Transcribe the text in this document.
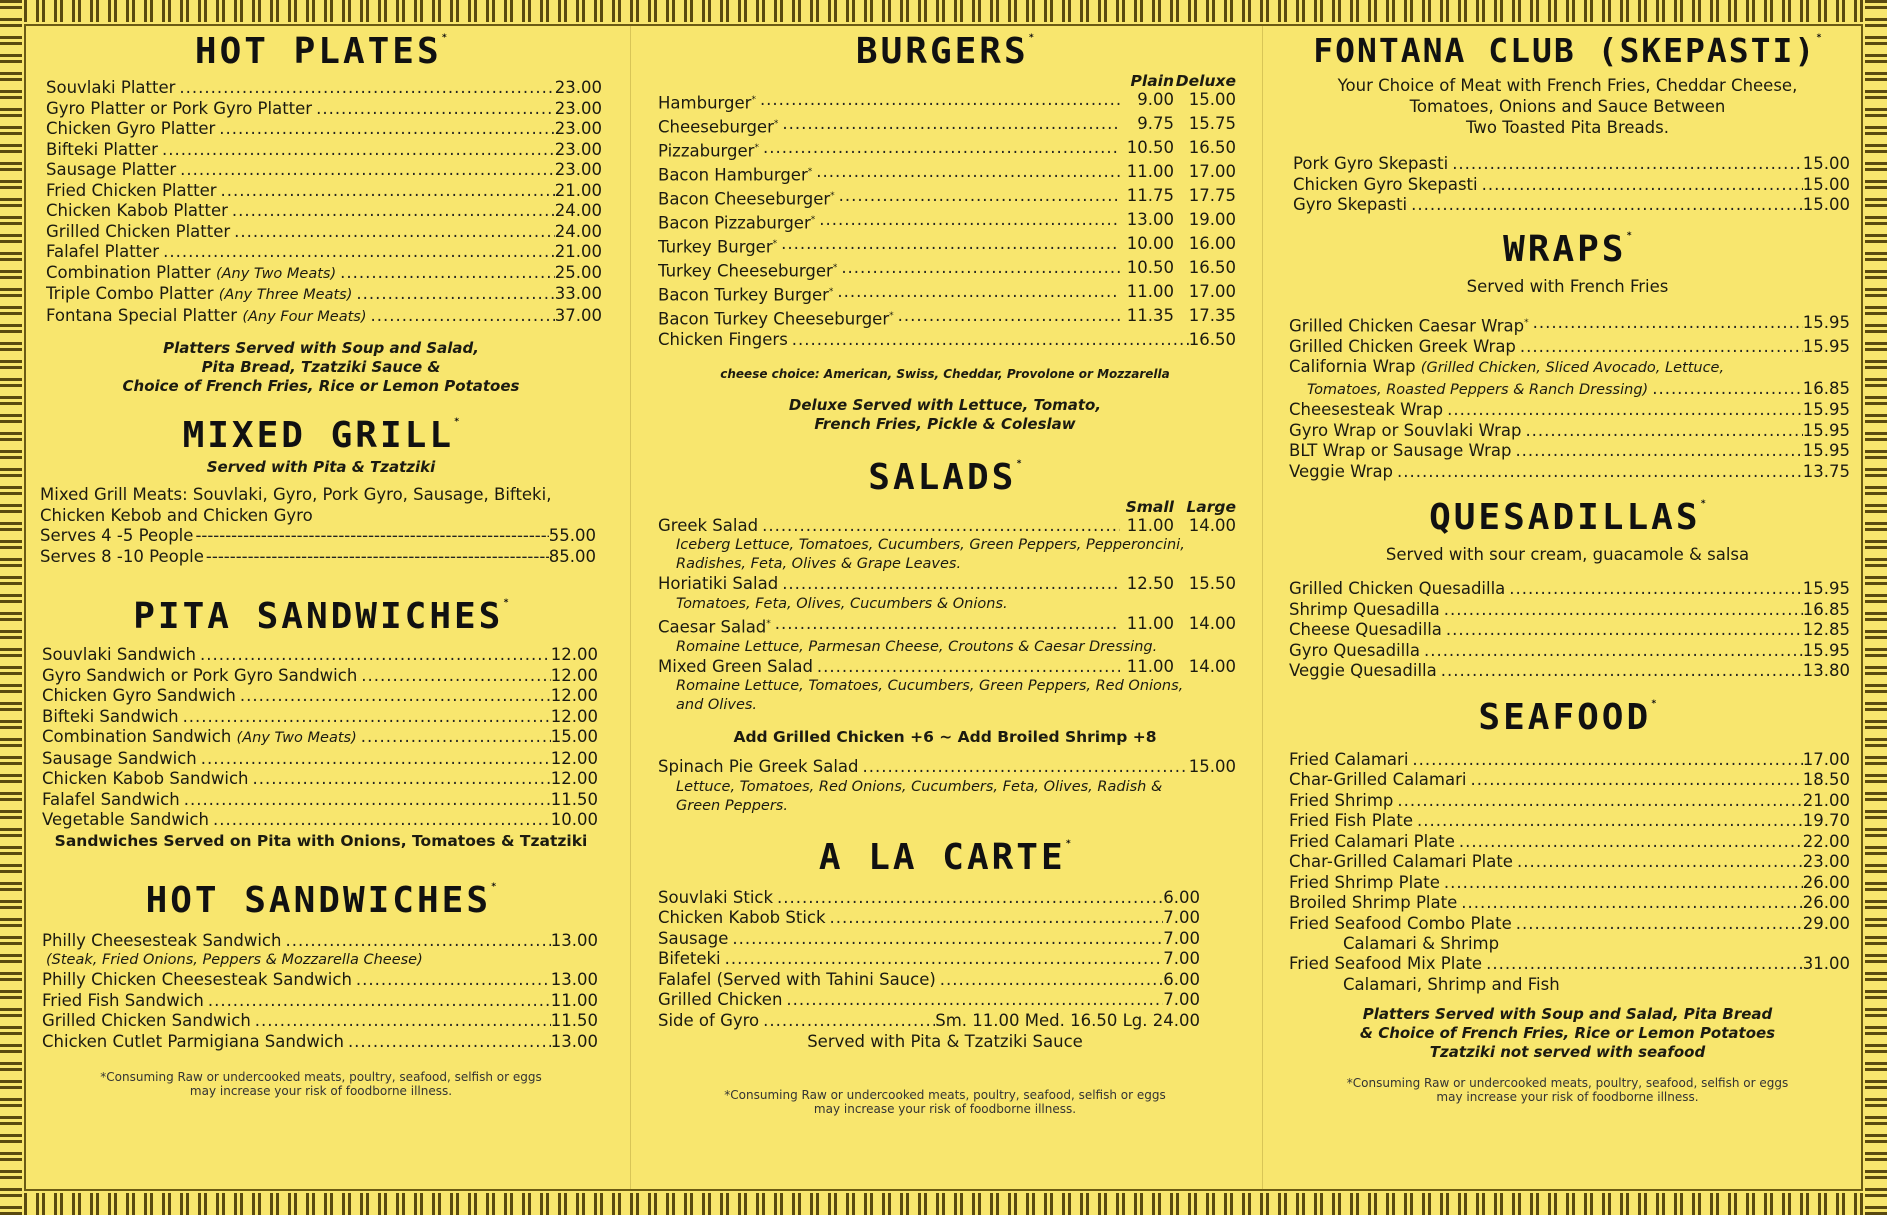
HOT PLATES*
Souvlaki Platter .....	23.00
Gyro Platter or Pork Gyro Platter .....	23.00
Chicken Gyro Platter .....	23.00
Bifteki Platter .....	23.00
Sausage Platter .....	23.00
Fried Chicken Platter .....	21.00
Chicken Kabob Platter .....	24.00
Grilled Chicken Platter .....	24.00
Falafel Platter .....	21.00
Combination Platter (Any Two Meats) .....	25.00
Triple Combo Platter (Any Three Meats) .....	33.00
Fontana Special Platter (Any Four Meats) .....	37.00
Platters Served with Soup and Salad,
Pita Bread, Tzatziki Sauce &
Choice of French Fries, Rice or Lemon Potatoes
MIXED GRILL*
Served with Pita & Tzatziki
Mixed Grill Meats: Souvlaki, Gyro, Pork Gyro, Sausage, Bifteki,
Chicken Kebob and Chicken Gyro
Serves 4 -5 People -----	55.00
Serves 8 -10 People -----	85.00
PITA SANDWICHES*
Souvlaki Sandwich .....	12.00
Gyro Sandwich or Pork Gyro Sandwich .....	12.00
Chicken Gyro Sandwich .....	12.00
Bifteki Sandwich .....	12.00
Combination Sandwich (Any Two Meats) .....	15.00
Sausage Sandwich .....	12.00
Chicken Kabob Sandwich .....	12.00
Falafel Sandwich .....	11.50
Vegetable Sandwich .....	10.00
Sandwiches Served on Pita with Onions, Tomatoes & Tzatziki
HOT SANDWICHES*
Philly Cheesesteak Sandwich .....	13.00
(Steak, Fried Onions, Peppers & Mozzarella Cheese)
Philly Chicken Cheesesteak Sandwich .....	13.00
Fried Fish Sandwich .....	11.00
Grilled Chicken Sandwich .....	11.50
Chicken Cutlet Parmigiana Sandwich .....	13.00
*Consuming Raw or undercooked meats, poultry, seafood, selfish or eggs
may increase your risk of foodborne illness.
BURGERS*
Plain Deluxe
Hamburger* .....	9.00 15.00
Cheeseburger* .....	9.75 15.75
Pizzaburger* .....	10.50 16.50
Bacon Hamburger* .....	11.00 17.00
Bacon Cheeseburger* .....	11.75 17.75
Bacon Pizzaburger* .....	13.00 19.00
Turkey Burger* .....	10.00 16.00
Turkey Cheeseburger* .....	10.50 16.50
Bacon Turkey Burger* .....	11.00 17.00
Bacon Turkey Cheeseburger* .....	11.35 17.35
Chicken Fingers .....	16.50
cheese choice: American, Swiss, Cheddar, Provolone or Mozzarella
Deluxe Served with Lettuce, Tomato,
French Fries, Pickle & Coleslaw
SALADS*
Small Large
Greek Salad .....	11.00 14.00
Iceberg Lettuce, Tomatoes, Cucumbers, Green Peppers, Pepperoncini,
Radishes, Feta, Olives & Grape Leaves.
Horiatiki Salad .....	12.50 15.50
Tomatoes, Feta, Olives, Cucumbers & Onions.
Caesar Salad* .....	11.00 14.00
Romaine Lettuce, Parmesan Cheese, Croutons & Caesar Dressing.
Mixed Green Salad .....	11.00 14.00
Romaine Lettuce, Tomatoes, Cucumbers, Green Peppers, Red Onions,
and Olives.
Add Grilled Chicken +6 ~ Add Broiled Shrimp +8
Spinach Pie Greek Salad .....	15.00
Lettuce, Tomatoes, Red Onions, Cucumbers, Feta, Olives, Radish &
Green Peppers.
A LA CARTE*
Souvlaki Stick .....	6.00
Chicken Kabob Stick .....	7.00
Sausage .....	7.00
Bifeteki .....	7.00
Falafel (Served with Tahini Sauce) .....	6.00
Grilled Chicken .....	7.00
Side of Gyro .....	Sm. 11.00 Med. 16.50 Lg. 24.00
Served with Pita & Tzatziki Sauce
*Consuming Raw or undercooked meats, poultry, seafood, selfish or eggs
may increase your risk of foodborne illness.
FONTANA CLUB (SKEPASTI)*
Your Choice of Meat with French Fries, Cheddar Cheese,
Tomatoes, Onions and Sauce Between
Two Toasted Pita Breads.
Pork Gyro Skepasti .....	15.00
Chicken Gyro Skepasti .....	15.00
Gyro Skepasti .....	15.00
WRAPS*
Served with French Fries
Grilled Chicken Caesar Wrap* .....	15.95
Grilled Chicken Greek Wrap .....	15.95
California Wrap (Grilled Chicken, Sliced Avocado, Lettuce,
Tomatoes, Roasted Peppers & Ranch Dressing) .....	16.85
Cheesesteak Wrap .....	15.95
Gyro Wrap or Souvlaki Wrap .....	15.95
BLT Wrap or Sausage Wrap .....	15.95
Veggie Wrap .....	13.75
QUESADILLAS*
Served with sour cream, guacamole & salsa
Grilled Chicken Quesadilla .....	15.95
Shrimp Quesadilla .....	16.85
Cheese Quesadilla .....	12.85
Gyro Quesadilla .....	15.95
Veggie Quesadilla .....	13.80
SEAFOOD*
Fried Calamari .....	17.00
Char-Grilled Calamari .....	18.50
Fried Shrimp .....	21.00
Fried Fish Plate .....	19.70
Fried Calamari Plate .....	22.00
Char-Grilled Calamari Plate .....	23.00
Fried Shrimp Plate .....	26.00
Broiled Shrimp Plate .....	26.00
Fried Seafood Combo Plate .....	29.00
Calamari & Shrimp
Fried Seafood Mix Plate .....	31.00
Calamari, Shrimp and Fish
Platters Served with Soup and Salad, Pita Bread
& Choice of French Fries, Rice or Lemon Potatoes
Tzatziki not served with seafood
*Consuming Raw or undercooked meats, poultry, seafood, selfish or eggs
may increase your risk of foodborne illness.
